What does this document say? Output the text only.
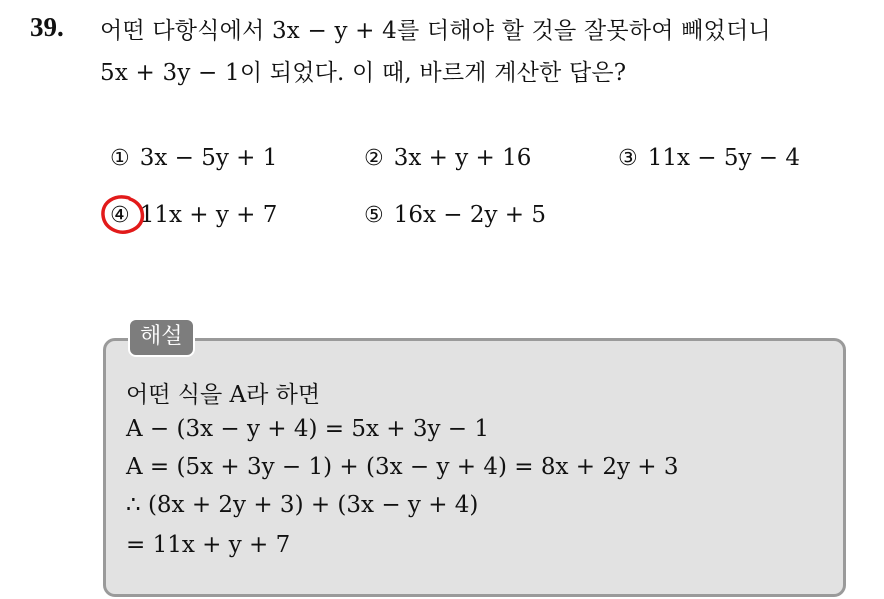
39. 어떤 다항식에서 3x − y + 4를 더해야 할 것을 잘못하여 빼었더니
5x + 3y − 1이 되었다. 이 때, 바르게 계산한 답은?
① 3x − 5y + 1	② 3x + y + 16	③ 11x − 5y − 4
④ 11x + y + 7	⑤ 16x − 2y + 5
해설
어떤 식을 A라 하면
A − (3x − y + 4) = 5x + 3y − 1
A = (5x + 3y − 1) + (3x − y + 4) = 8x + 2y + 3
∴ (8x + 2y + 3) + (3x − y + 4)
= 11x + y + 7
